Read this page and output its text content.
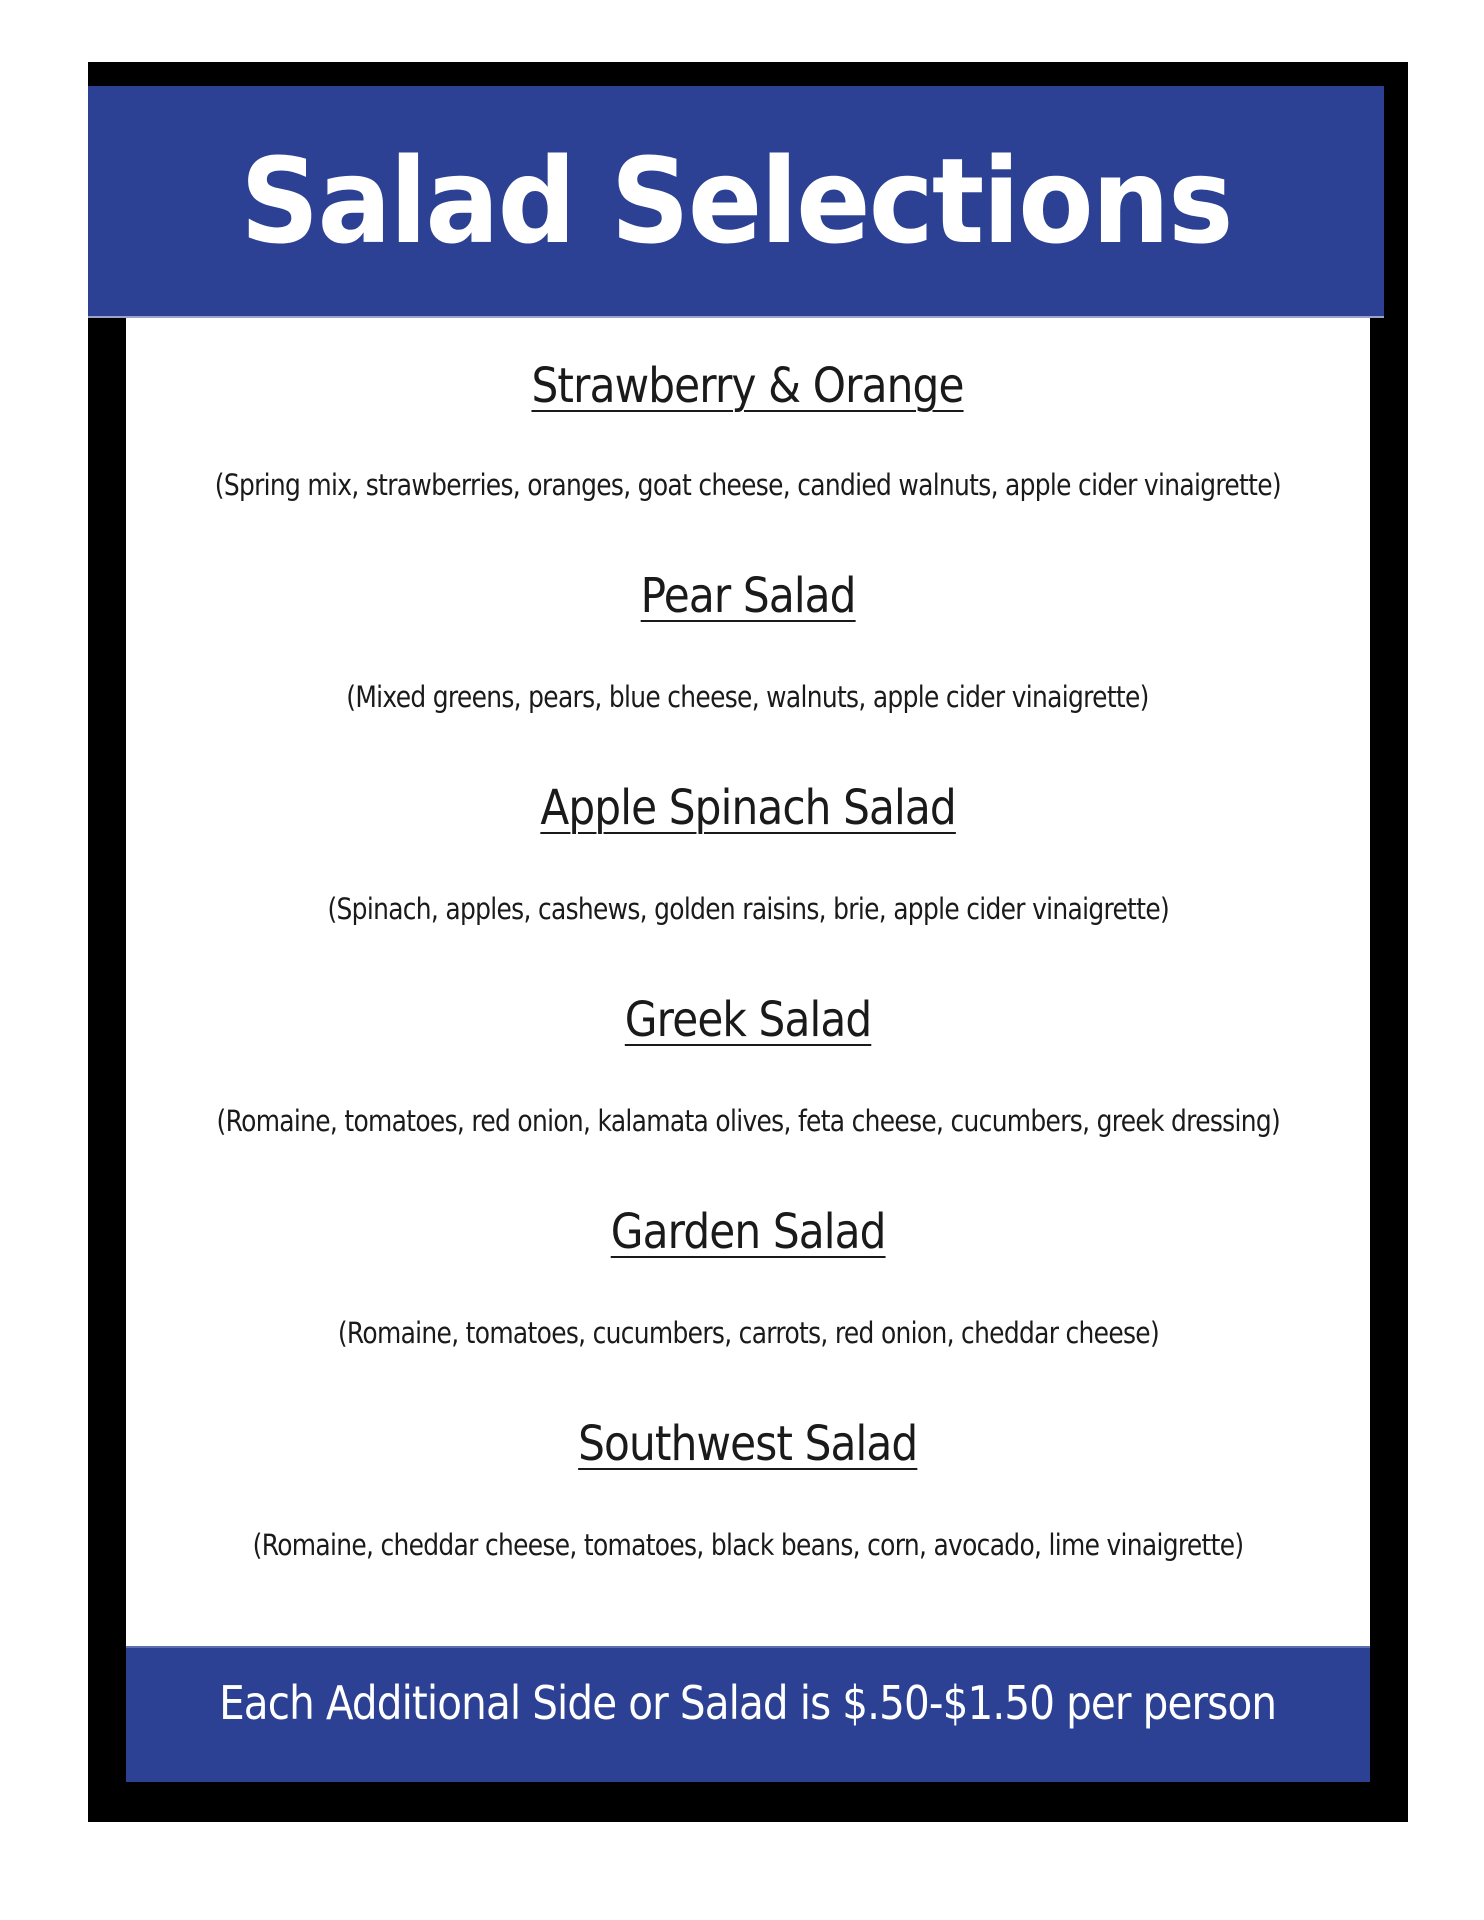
Salad Selections
Strawberry & Orange
(Spring mix, strawberries, oranges, goat cheese, candied walnuts, apple cider vinaigrette)
Pear Salad
(Mixed greens, pears, blue cheese, walnuts, apple cider vinaigrette)
Apple Spinach Salad
(Spinach, apples, cashews, golden raisins, brie, apple cider vinaigrette)
Greek Salad
(Romaine, tomatoes, red onion, kalamata olives, feta cheese, cucumbers, greek dressing)
Garden Salad
(Romaine, tomatoes, cucumbers, carrots, red onion, cheddar cheese)
Southwest Salad
(Romaine, cheddar cheese, tomatoes, black beans, corn, avocado, lime vinaigrette)
Each Additional Side or Salad is $.50-$1.50 per person
